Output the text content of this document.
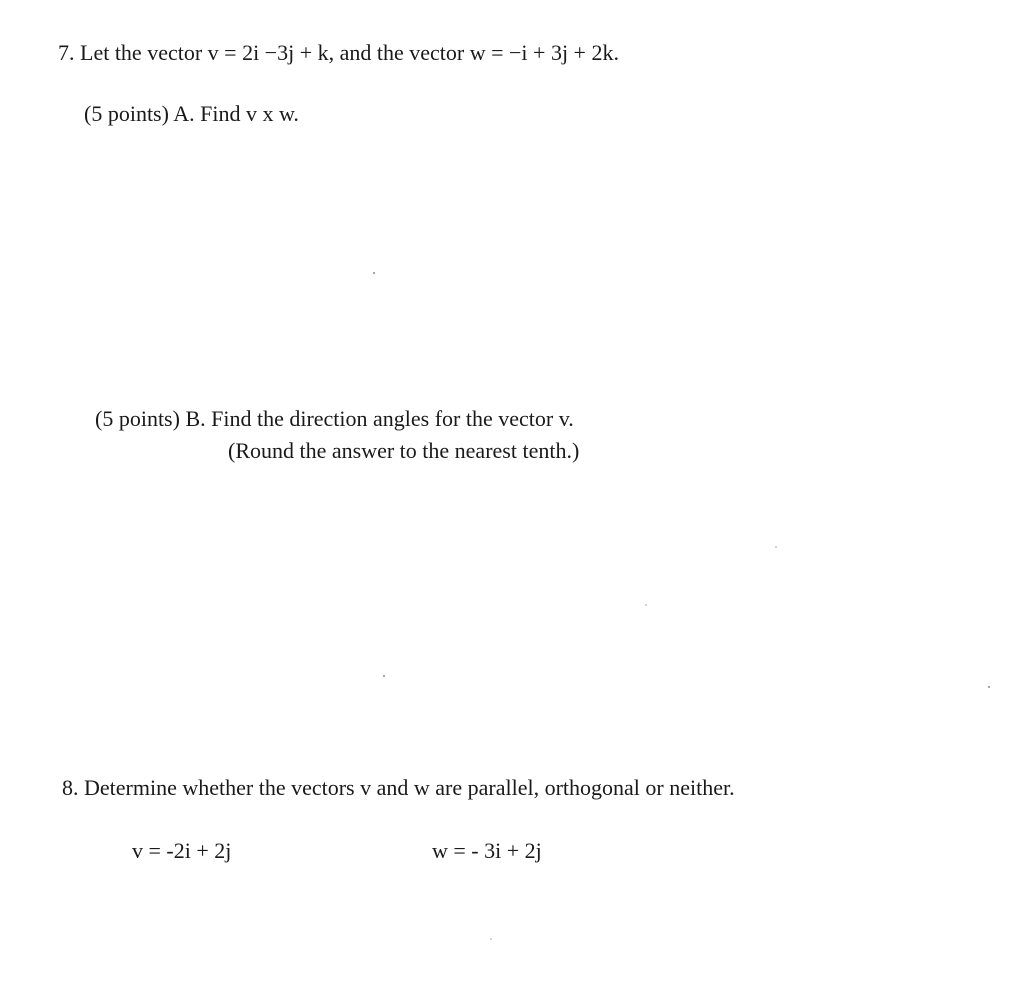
7. Let the vector v = 2i −3j + k, and the vector w = −i + 3j + 2k.
(5 points) A. Find v x w.
(5 points) B. Find the direction angles for the vector v.
(Round the answer to the nearest tenth.)
8. Determine whether the vectors v and w are parallel, orthogonal or neither.
v = -2i + 2j	w = - 3i + 2j
